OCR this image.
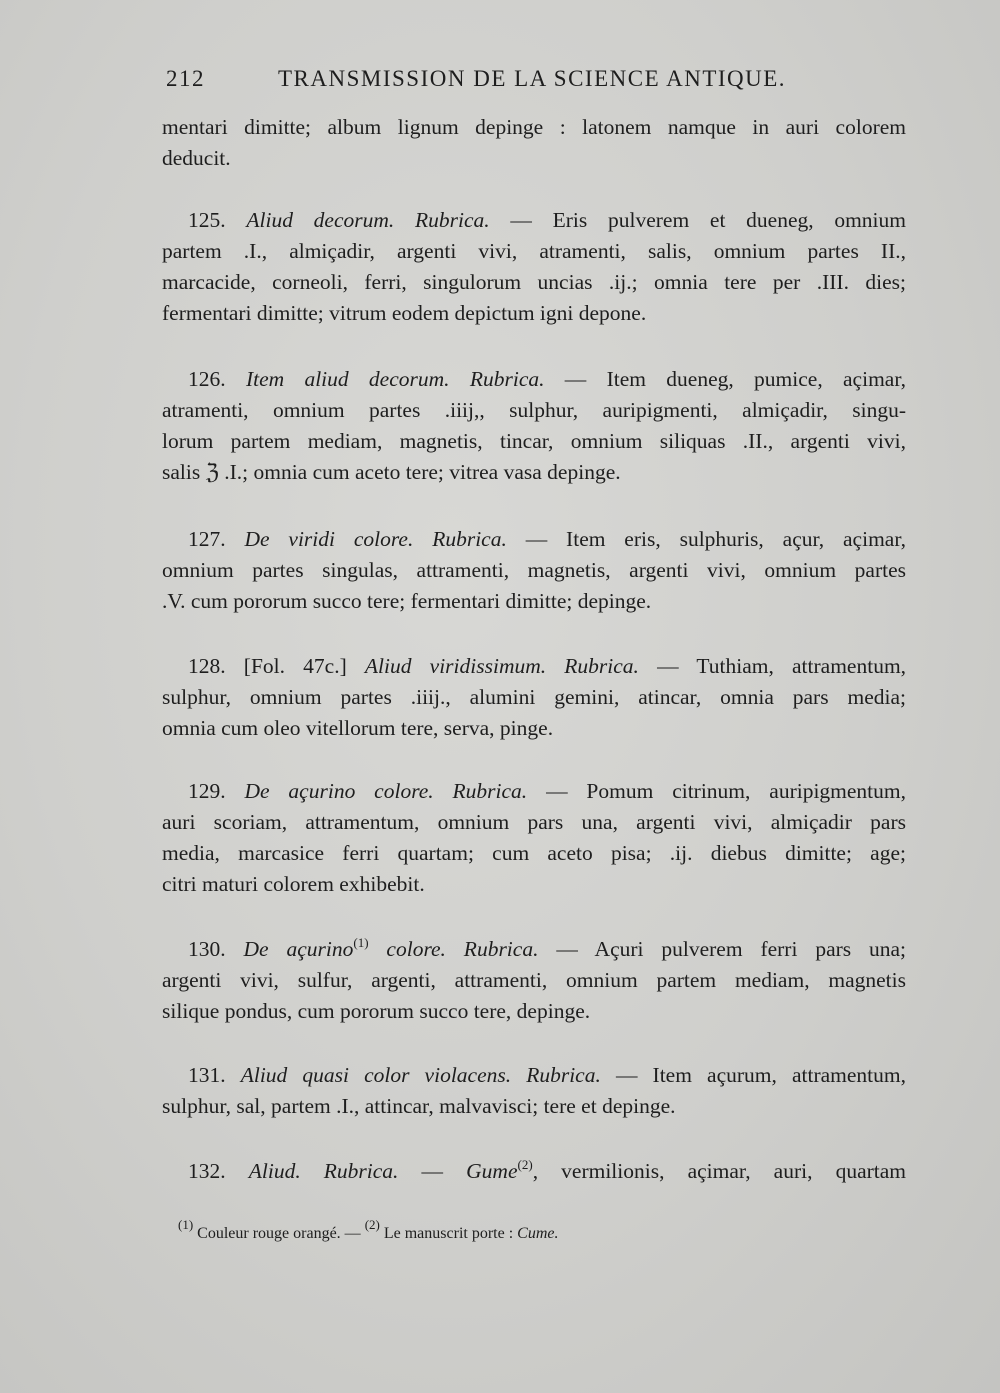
212	TRANSMISSION DE LA SCIENCE ANTIQUE.
mentari dimitte; album lignum depinge : latonem namque in auri colorem
deducit.
125. Aliud decorum. Rubrica. — Eris pulverem et dueneg, omnium
partem .I., almiçadir, argenti vivi, atramenti, salis, omnium partes II.,
marcacide, corneoli, ferri, singulorum uncias .ij.; omnia tere per .III. dies;
fermentari dimitte; vitrum eodem depictum igni depone.
126. Item aliud decorum. Rubrica. — Item dueneg, pumice, açimar,
atramenti, omnium partes .iiij,, sulphur, auripigmenti, almiçadir, singu-
lorum partem mediam, magnetis, tincar, omnium siliquas .II., argenti vivi,
salis ℨ .I.; omnia cum aceto tere; vitrea vasa depinge.
127. De viridi colore. Rubrica. — Item eris, sulphuris, açur, açimar,
omnium partes singulas, attramenti, magnetis, argenti vivi, omnium partes
.V. cum pororum succo tere; fermentari dimitte; depinge.
128. [Fol. 47c.] Aliud viridissimum. Rubrica. — Tuthiam, attramentum,
sulphur, omnium partes .iiij., alumini gemini, atincar, omnia pars media;
omnia cum oleo vitellorum tere, serva, pinge.
129. De açurino colore. Rubrica. — Pomum citrinum, auripigmentum,
auri scoriam, attramentum, omnium pars una, argenti vivi, almiçadir pars
media, marcasice ferri quartam; cum aceto pisa; .ij. diebus dimitte; age;
citri maturi colorem exhibebit.
130. De açurino$^{(1)}$ colore. Rubrica. — Açuri pulverem ferri pars una;
argenti vivi, sulfur, argenti, attramenti, omnium partem mediam, magnetis
silique pondus, cum pororum succo tere, depinge.
131. Aliud quasi color violacens. Rubrica. — Item açurum, attramentum,
sulphur, sal, partem .I., attincar, malvavisci; tere et depinge.
132. Aliud. Rubrica. — Gume$^{(2)}$, vermilionis, açimar, auri, quartam
$^{(1)}$ Couleur rouge orangé. — $^{(2)}$ Le manuscrit porte : Cume.
